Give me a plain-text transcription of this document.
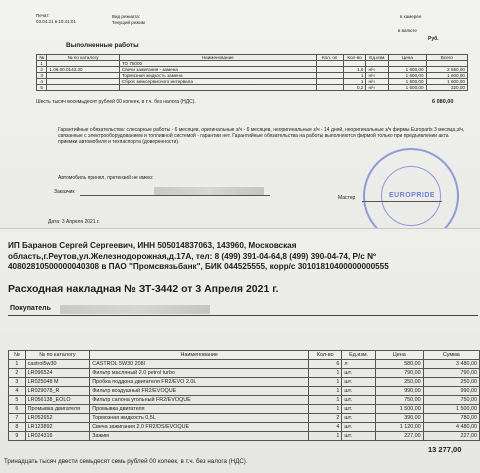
Печат:
03.04.21 в 10:41:01
Вид режиата:
Текущий режим
в камерее
в валюте
Руб.
Выполненные работы
№	№ по каталогу	Наименование	Кол. оп	Кол-во	Ед.изм.	Цена	Всего
1		ТО 75000					
2	1.06.00.0143.20	Свечи зажигания - замена		1,6	н/ч	1 600,00	2 560,00
3		Тормозная жидкость замена		1	н/ч	1 600,00	1 600,00
4		Сброс межсервисного интервала		1	н/ч	1 600,00	1 600,00
5				0,2	н/ч	1 600,00	320,00
Шесть тысяч восемьдесят рублей 00 копеек, в т.ч. без налога (НДС).	6 080,00
Гарантийные обязательства: слесарные работы - 6 месяцев, оригинальные з/ч - 6 месяцев, неоригинальные з/ч - 14 дней, неоригинальные з/ч фирмы Europarts 3 месяца,з/ч, связанные с электрооборудованием и топливной системой - гарантии нет. Гарантийные обязательства на работы выполняются фирмой только при предъявлении акта приемки автомобиля и техпаспорта (доверенности).
Автомобиль принял, претензий не имею:
Заказчик
Мастер
Дата: 3 Апреля 2021 г.
EUROPRIDE
ИП Баранов Сергей Сергеевич, ИНН 505014837063, 143960, Московская
область,г.Реутов,ул.Железнодорожная,д.17А, тел: 8 (499) 391-04-64,8 (499) 390-04-74, Р/с Nº
40802810500000040308 в ПАО "Промсвязьбанк", БИК 044525555, корр/с 30101810400000000555
Расходная накладная № ЗТ-3442 от 3 Апреля 2021 г.
Покупатель
№	№ по каталогу	Наименование	Кол-во	Ед.изм.	Цена	Сумма
1	castrol5w30	CASTROL 5W30 208l	6	л	580,00	3 480,00
2	LR096524	Фильтр масляный 2.0 petrol turbo	1	шт.	790,00	790,00
3	LR025048 M	Пробка поддона двигателя FR2/EVO 2.0L	1	шт.	250,00	250,00
4	LR029078_R	Фильтр воздушный FR2/EVOQUE	1	шт.	990,00	990,00
5	LR056138_EOLO	Фильтр салона угольный FR2/EVOQUE	1	шт.	750,00	750,00
6	Промывка двигателя	Промывка двигателя	1	шт.	1 500,00	1 500,00
7	LR052652	Тормозная жидкость 0,5L	2	шт.	390,00	780,00
8	LR123892	Свеча зажигания 2.0 FR2/DS/EVOQUE	4	шт.	1 120,00	4 480,00
9	LR024316	Зажим	1	шт.	227,00	227,00
13 277,00
Тринадцать тысяч двести семьдесят семь рублей 00 копеек, в т.ч. без налога (НДС).
